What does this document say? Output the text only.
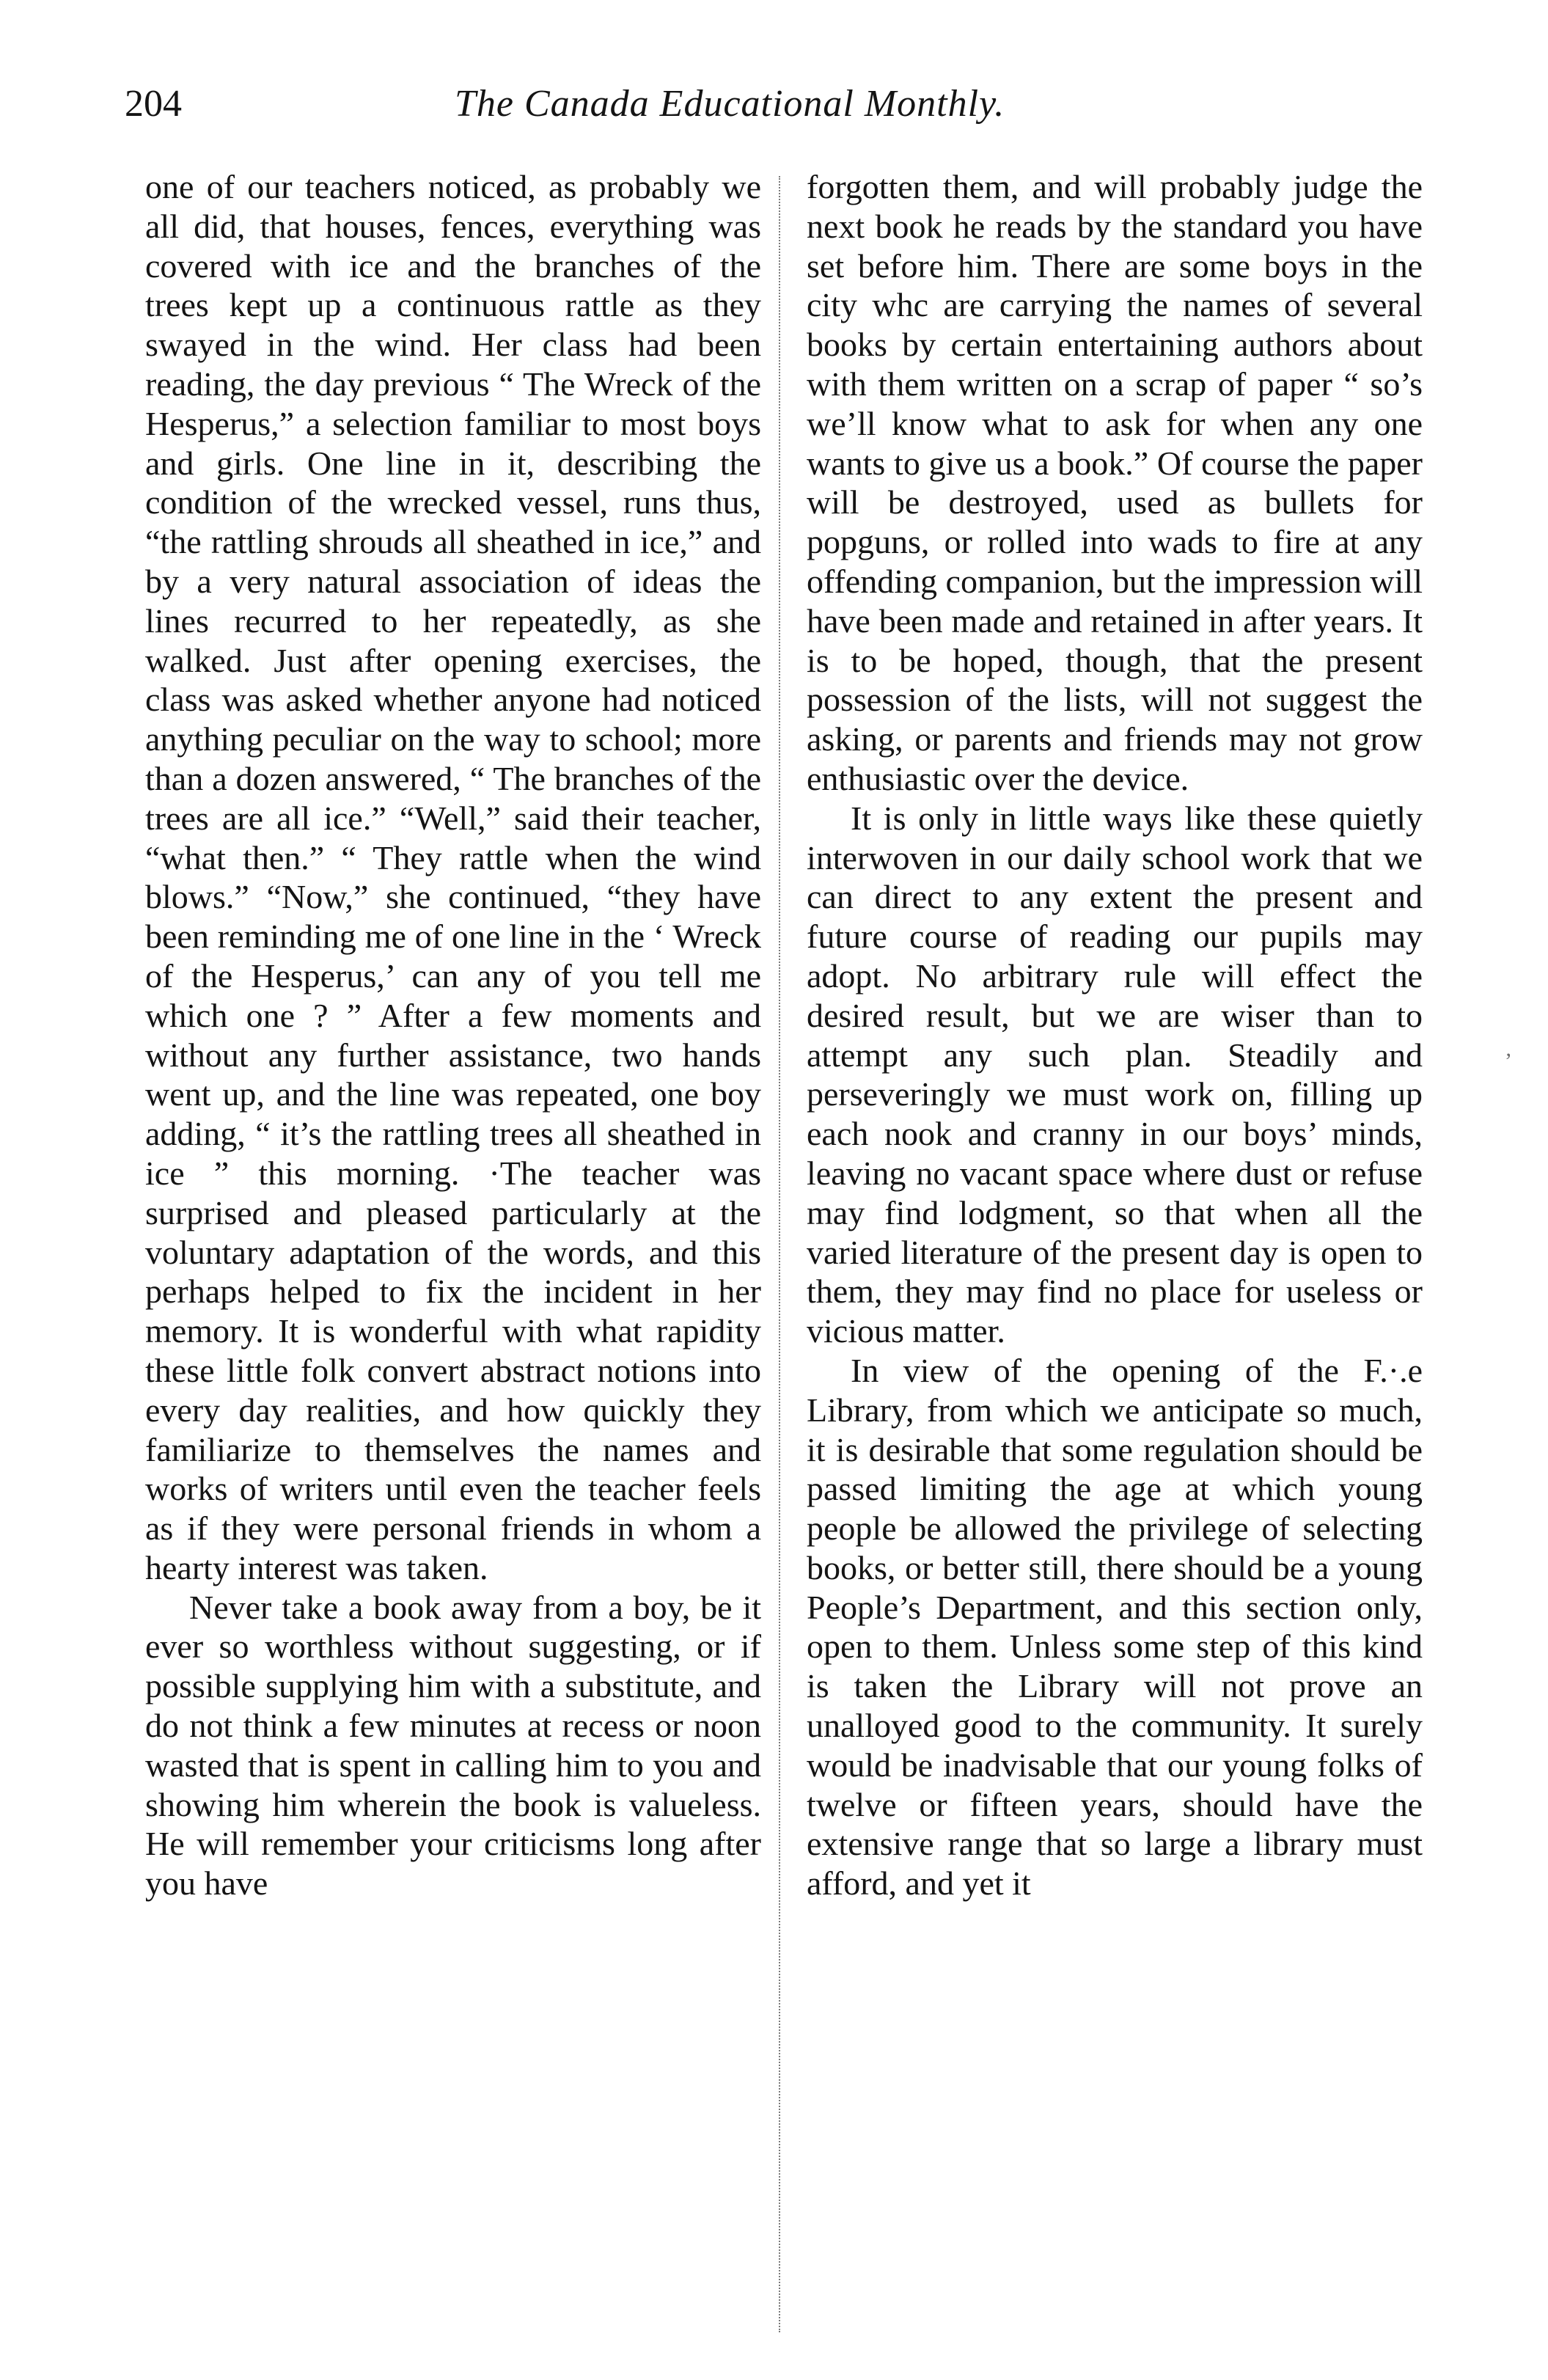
204	The Canada Educational Monthly.

one of our teachers noticed, as probably we all did, that houses, fences, everything was covered with ice and the branches of the trees kept up a continuous rattle as they swayed in the wind. Her class had been reading, the day previous “ The Wreck of the Hesperus,” a selection familiar to most boys and girls. One line in it, describing the condition of the wrecked vessel, runs thus, “the rattling shrouds all sheathed in ice,” and by a very natural association of ideas the lines recurred to her repeatedly, as she walked. Just after opening exercises, the class was asked whether anyone had noticed anything peculiar on the way to school; more than a dozen answered, “ The branches of the trees are all ice.” “Well,” said their teacher, “what then.” “ They rattle when the wind blows.” “Now,” she continued, “they have been reminding me of one line in the ‘ Wreck of the Hesperus,’ can any of you tell me which one ? ” After a few moments and without any further assistance, two hands went up, and the line was repeated, one boy adding, “ it’s the rattling trees all sheathed in ice ” this morning. ·The teacher was surprised and pleased particularly at the voluntary adaptation of the words, and this perhaps helped to fix the incident in her memory. It is wonderful with what rapidity these little folk convert abstract notions into every day realities, and how quickly they familiarize to themselves the names and works of writers until even the teacher feels as if they were personal friends in whom a hearty interest was taken.

Never take a book away from a boy, be it ever so worthless without suggesting, or if possible supplying him with a substitute, and do not think a few minutes at recess or noon wasted that is spent in calling him to you and showing him wherein the book is valueless. He will remember your criticisms long after you have

forgotten them, and will probably judge the next book he reads by the standard you have set before him. There are some boys in the city whc are carrying the names of several books by certain entertaining authors about with them written on a scrap of paper “ so’s we’ll know what to ask for when any one wants to give us a book.” Of course the paper will be destroyed, used as bullets for popguns, or rolled into wads to fire at any offending companion, but the impression will have been made and retained in after years. It is to be hoped, though, that the present possession of the lists, will not suggest the asking, or parents and friends may not grow enthusiastic over the device.

It is only in little ways like these quietly interwoven in our daily school work that we can direct to any extent the present and future course of reading our pupils may adopt. No arbitrary rule will effect the desired result, but we are wiser than to attempt any such plan. Steadily and perseveringly we must work on, filling up each nook and cranny in our boys’ minds, leaving no vacant space where dust or refuse may find lodgment, so that when all the varied literature of the present day is open to them, they may find no place for useless or vicious matter.

In view of the opening of the F.·.e Library, from which we anticipate so much, it is desirable that some regulation should be passed limiting the age at which young people be allowed the privilege of selecting books, or better still, there should be a young People’s Department, and this section only, open to them. Unless some step of this kind is taken the Library will not prove an unalloyed good to the community. It surely would be inadvisable that our young folks of twelve or fifteen years, should have the extensive range that so large a library must afford, and yet it

’
